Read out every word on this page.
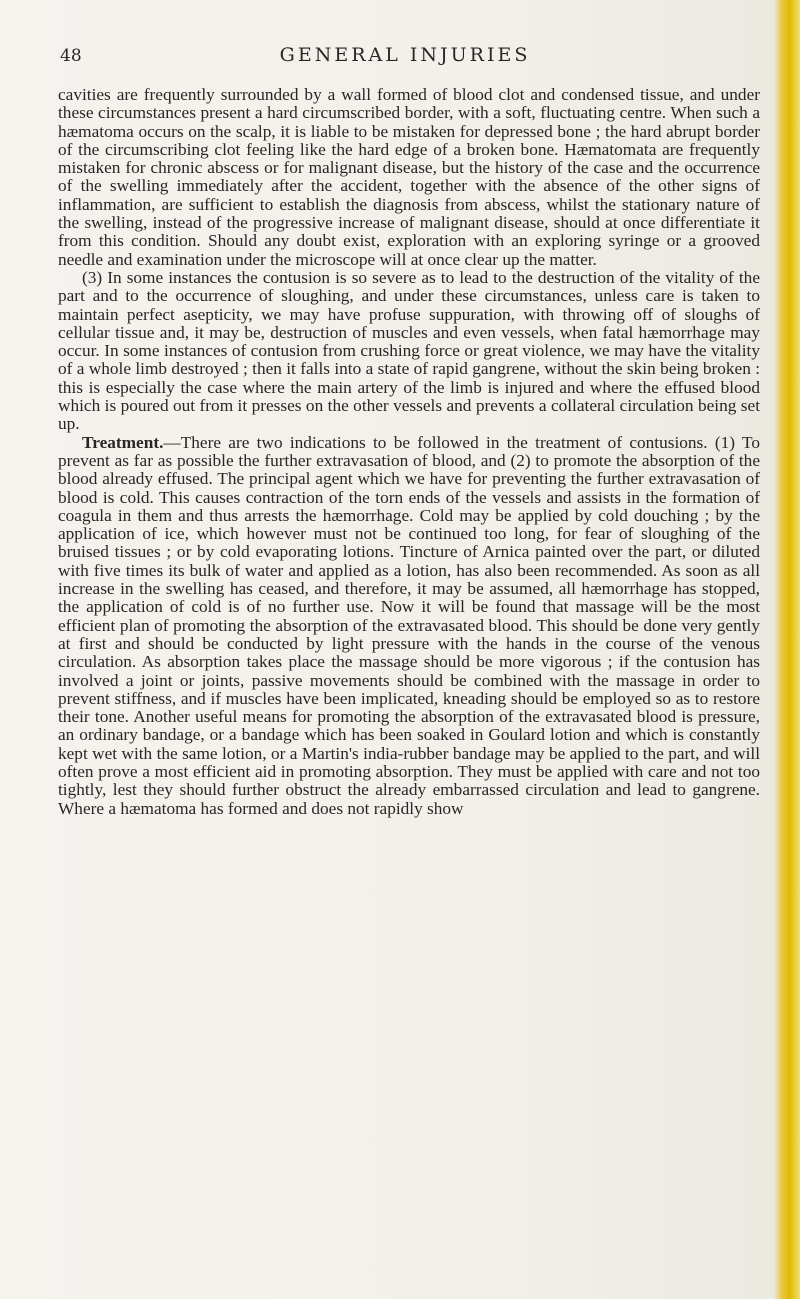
48	GENERAL INJURIES

cavities are frequently surrounded by a wall formed of blood clot and condensed tissue, and under these circumstances present a hard circumscribed border, with a soft, fluctuating centre. When such a hæmatoma occurs on the scalp, it is liable to be mistaken for depressed bone ; the hard abrupt border of the circumscribing clot feeling like the hard edge of a broken bone. Hæmatomata are frequently mistaken for chronic abscess or for malignant disease, but the history of the case and the occurrence of the swelling immediately after the accident, together with the absence of the other signs of inflammation, are sufficient to establish the diagnosis from abscess, whilst the stationary nature of the swelling, instead of the progressive increase of malignant disease, should at once differentiate it from this condition. Should any doubt exist, exploration with an exploring syringe or a grooved needle and examination under the microscope will at once clear up the matter.

(3) In some instances the contusion is so severe as to lead to the destruction of the vitality of the part and to the occurrence of sloughing, and under these circumstances, unless care is taken to maintain perfect asepticity, we may have profuse suppuration, with throwing off of sloughs of cellular tissue and, it may be, destruction of muscles and even vessels, when fatal hæmorrhage may occur. In some instances of contusion from crushing force or great violence, we may have the vitality of a whole limb destroyed ; then it falls into a state of rapid gangrene, without the skin being broken : this is especially the case where the main artery of the limb is injured and where the effused blood which is poured out from it presses on the other vessels and prevents a collateral circulation being set up.

Treatment.—There are two indications to be followed in the treatment of contusions. (1) To prevent as far as possible the further extravasation of blood, and (2) to promote the absorption of the blood already effused. The principal agent which we have for preventing the further extravasation of blood is cold. This causes contraction of the torn ends of the vessels and assists in the formation of coagula in them and thus arrests the hæmorrhage. Cold may be applied by cold douching ; by the application of ice, which however must not be continued too long, for fear of sloughing of the bruised tissues ; or by cold evaporating lotions. Tincture of Arnica painted over the part, or diluted with five times its bulk of water and applied as a lotion, has also been recommended. As soon as all increase in the swelling has ceased, and therefore, it may be assumed, all hæmorrhage has stopped, the application of cold is of no further use. Now it will be found that massage will be the most efficient plan of promoting the absorption of the extravasated blood. This should be done very gently at first and should be conducted by light pressure with the hands in the course of the venous circulation. As absorption takes place the massage should be more vigorous ; if the contusion has involved a joint or joints, passive movements should be combined with the massage in order to prevent stiffness, and if muscles have been implicated, kneading should be employed so as to restore their tone. Another useful means for promoting the absorption of the extravasated blood is pressure, an ordinary bandage, or a bandage which has been soaked in Goulard lotion and which is constantly kept wet with the same lotion, or a Martin's india-rubber bandage may be applied to the part, and will often prove a most efficient aid in promoting absorption. They must be applied with care and not too tightly, lest they should further obstruct the already embarrassed circulation and lead to gangrene. Where a hæmatoma has formed and does not rapidly show
